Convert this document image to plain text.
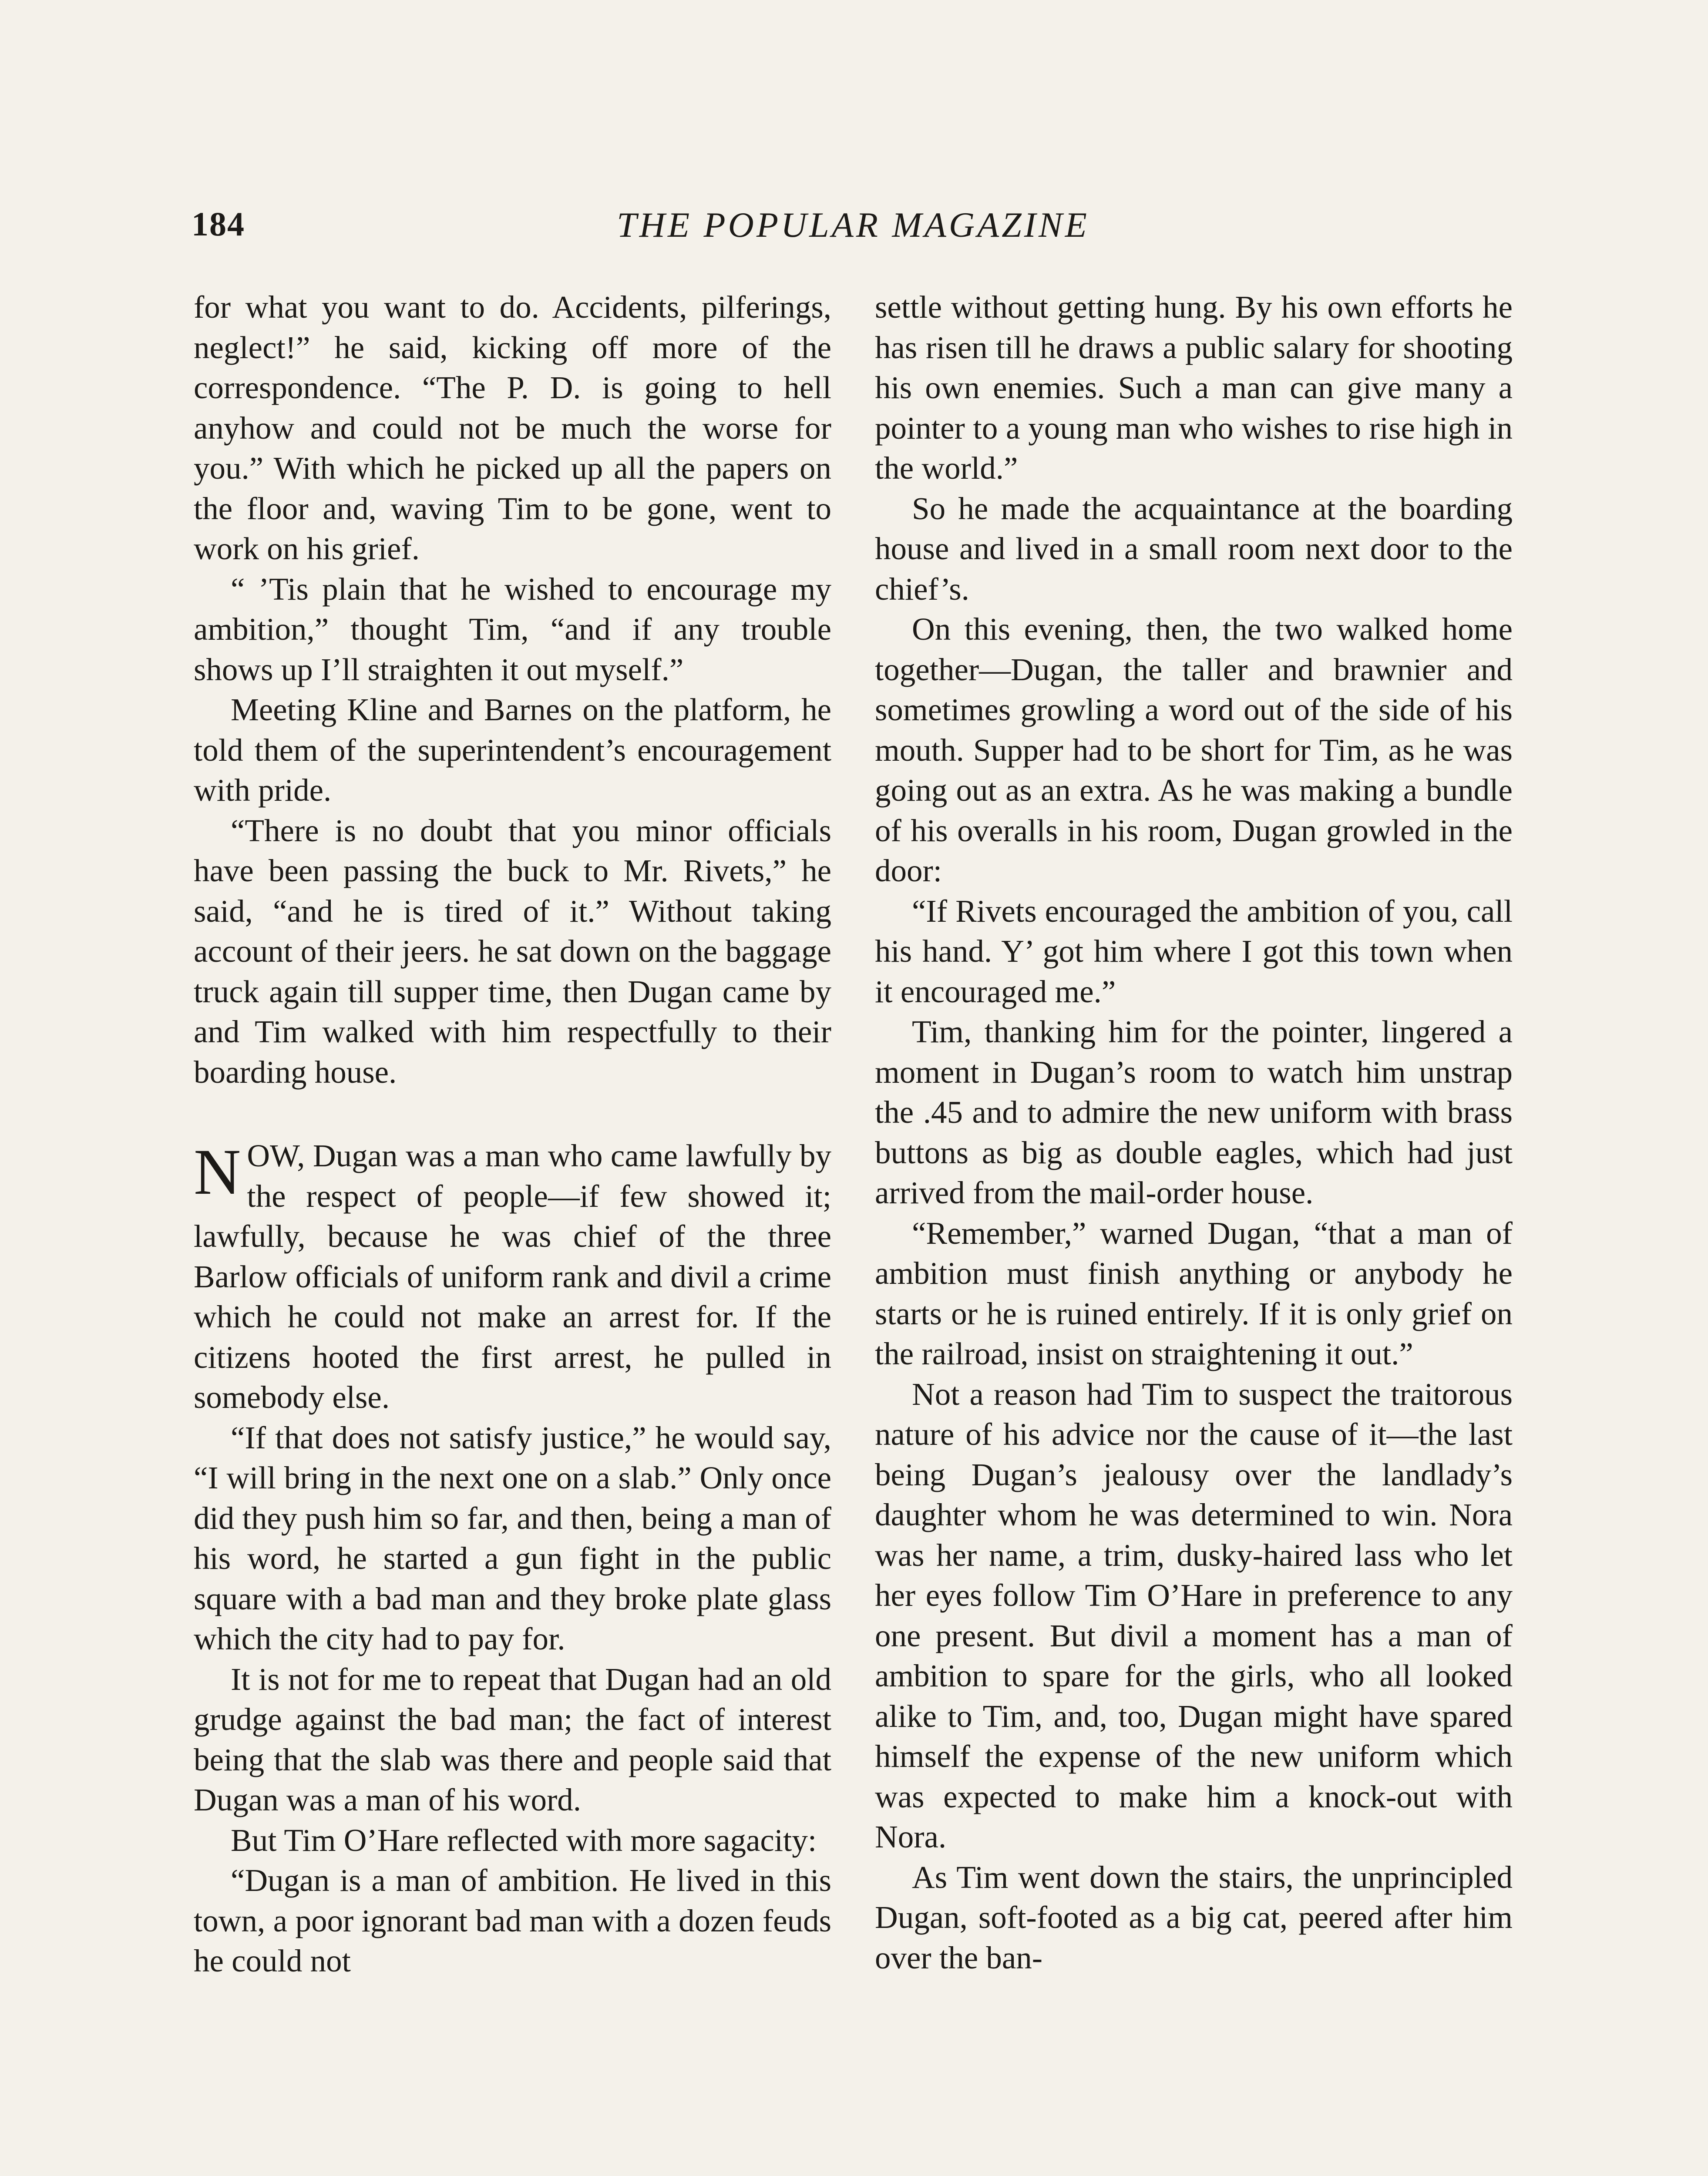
184	THE POPULAR MAGAZINE

for what you want to do. Accidents, pilferings, neglect!” he said, kicking off more of the correspondence. “The P. D. is going to hell anyhow and could not be much the worse for you.” With which he picked up all the papers on the floor and, waving Tim to be gone, went to work on his grief.

“ ’Tis plain that he wished to encourage my ambition,” thought Tim, “and if any trouble shows up I’ll straighten it out myself.”

Meeting Kline and Barnes on the platform, he told them of the superintendent’s encouragement with pride.

“There is no doubt that you minor officials have been passing the buck to Mr. Rivets,” he said, “and he is tired of it.” Without taking account of their jeers. he sat down on the baggage truck again till supper time, then Dugan came by and Tim walked with him respectfully to their boarding house.

NOW, Dugan was a man who came lawfully by the respect of people—if few showed it; lawfully, because he was chief of the three Barlow officials of uniform rank and divil a crime which he could not make an arrest for. If the citizens hooted the first arrest, he pulled in somebody else.

“If that does not satisfy justice,” he would say, “I will bring in the next one on a slab.” Only once did they push him so far, and then, being a man of his word, he started a gun fight in the public square with a bad man and they broke plate glass which the city had to pay for.

It is not for me to repeat that Dugan had an old grudge against the bad man; the fact of interest being that the slab was there and people said that Dugan was a man of his word.

But Tim O’Hare reflected with more sagacity:

“Dugan is a man of ambition. He lived in this town, a poor ignorant bad man with a dozen feuds he could not

settle without getting hung. By his own efforts he has risen till he draws a public salary for shooting his own enemies. Such a man can give many a pointer to a young man who wishes to rise high in the world.”

So he made the acquaintance at the boarding house and lived in a small room next door to the chief’s.

On this evening, then, the two walked home together—Dugan, the taller and brawnier and sometimes growling a word out of the side of his mouth. Supper had to be short for Tim, as he was going out as an extra. As he was making a bundle of his overalls in his room, Dugan growled in the door:

“If Rivets encouraged the ambition of you, call his hand. Y’ got him where I got this town when it encouraged me.”

Tim, thanking him for the pointer, lingered a moment in Dugan’s room to watch him unstrap the .45 and to admire the new uniform with brass buttons as big as double eagles, which had just arrived from the mail-order house.

“Remember,” warned Dugan, “that a man of ambition must finish anything or anybody he starts or he is ruined entirely. If it is only grief on the railroad, insist on straightening it out.”

Not a reason had Tim to suspect the traitorous nature of his advice nor the cause of it—the last being Dugan’s jealousy over the landlady’s daughter whom he was determined to win. Nora was her name, a trim, dusky-haired lass who let her eyes follow Tim O’Hare in preference to any one present. But divil a moment has a man of ambition to spare for the girls, who all looked alike to Tim, and, too, Dugan might have spared himself the expense of the new uniform which was expected to make him a knock-out with Nora.

As Tim went down the stairs, the unprincipled Dugan, soft-footed as a big cat, peered after him over the ban-
